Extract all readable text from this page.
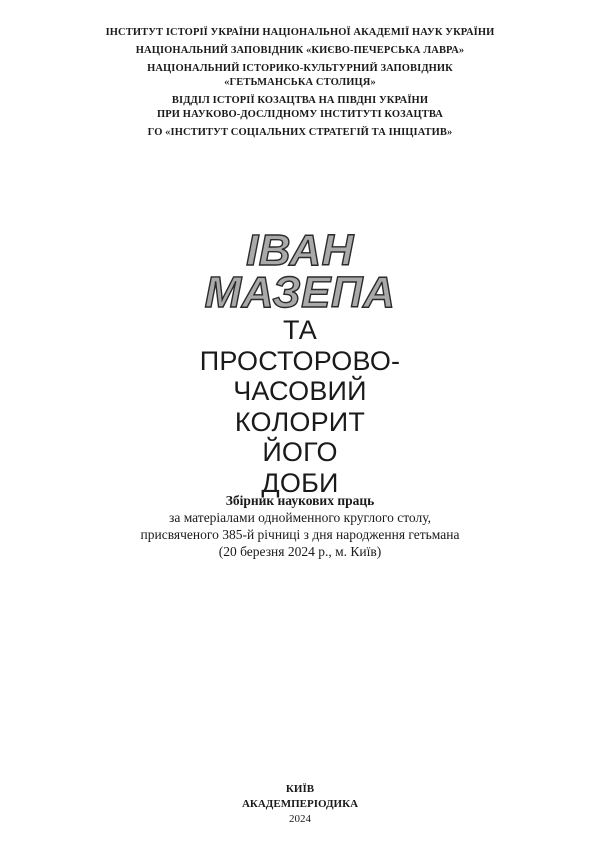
ІНСТИТУТ ІСТОРІЇ УКРАЇНИ НАЦІОНАЛЬНОЇ АКАДЕМІЇ НАУК УКРАЇНИ
НАЦІОНАЛЬНИЙ ЗАПОВІДНИК «КИЄВО-ПЕЧЕРСЬКА ЛАВРА»
НАЦІОНАЛЬНИЙ ІСТОРИКО-КУЛЬТУРНИЙ ЗАПОВІДНИК
«ГЕТЬМАНСЬКА СТОЛИЦЯ»
ВІДДІЛ ІСТОРІЇ КОЗАЦТВА НА ПІВДНІ УКРАЇНИ
ПРИ НАУКОВО-ДОСЛІДНОМУ ІНСТИТУТІ КОЗАЦТВА
ГО «ІНСТИТУТ СОЦІАЛЬНИХ СТРАТЕГІЙ ТА ІНІЦІАТИВ»
ІВАН
МАЗЕПА
ТА
ПРОСТОРОВО-
ЧАСОВИЙ
КОЛОРИТ
ЙОГО
ДОБИ
Збірник наукових праць
за матеріалами однойменного круглого столу,
присвяченого 385-й річниці з дня народження гетьмана
(20 березня 2024 р., м. Київ)
КИЇВ
АКАДЕМПЕРІОДИКА
2024
